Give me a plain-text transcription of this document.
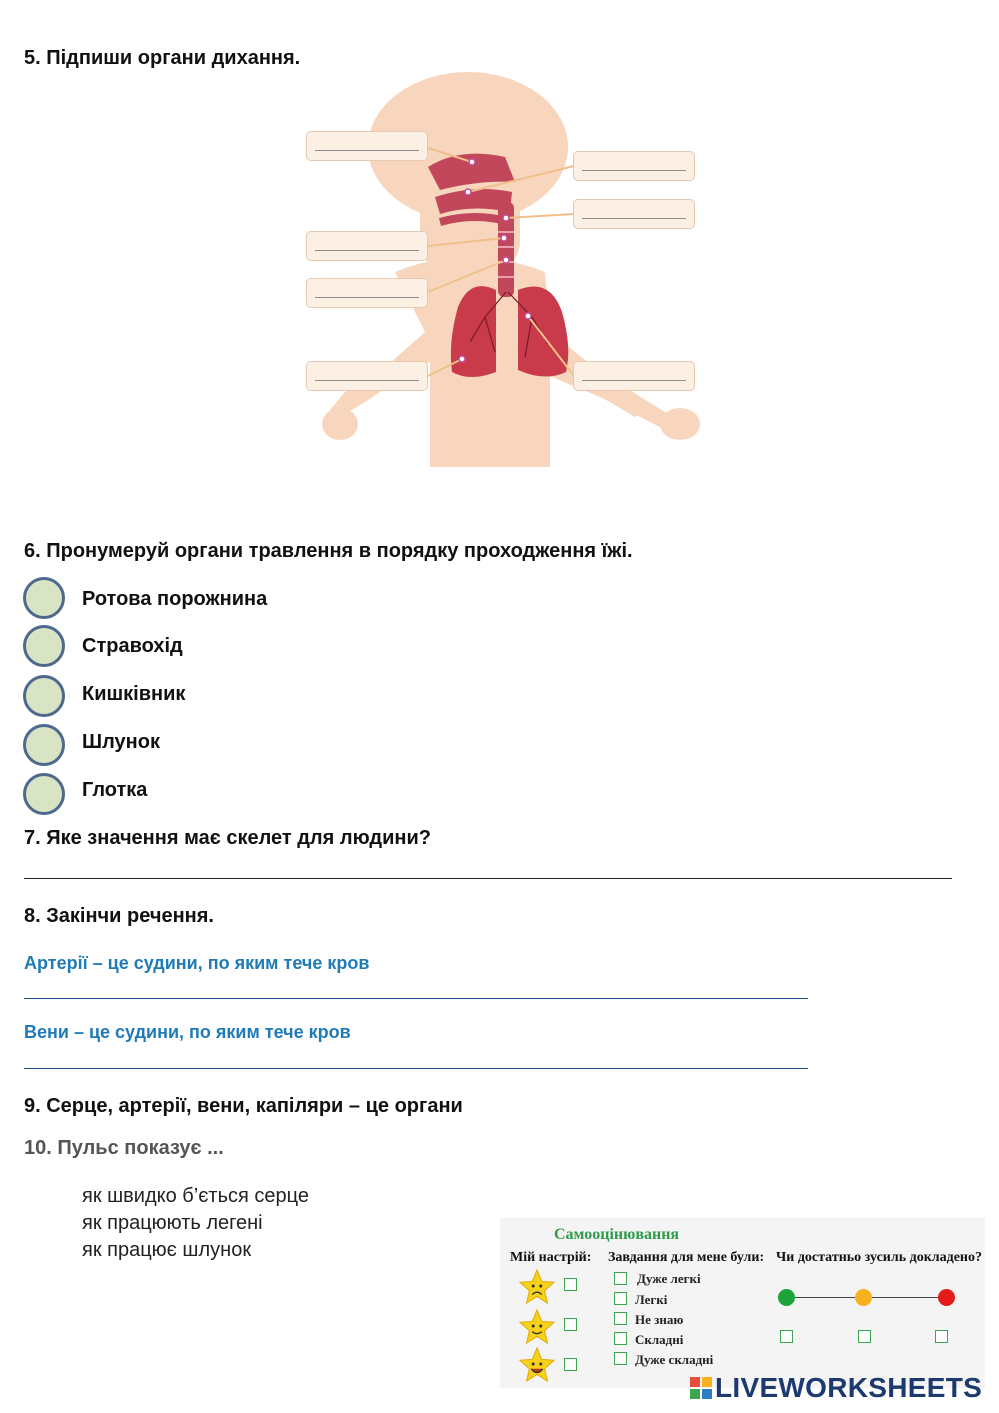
5. Підпиши органи дихання.
6. Пронумеруй органи травлення в порядку проходження їжі.
Ротова порожнина
Стравохід
Кишківник
Шлунок
Глотка
7. Яке значення має скелет для людини?
8. Закінчи речення.
Артерії – це судини, по яким тече кров
Вени – це судини, по яким тече кров
9. Серце, артерії, вени, капіляри – це органи
10. Пульс показує ...
як швидко б’ється серце
як працюють легені
як працює шлунок
Самооцінювання
Мій настрій: Завдання для мене були: Чи достатньо зусиль докладено?
Дуже легкі
Легкі
Не знаю
Складні
Дуже складні
LIVEWORKSHEETS
